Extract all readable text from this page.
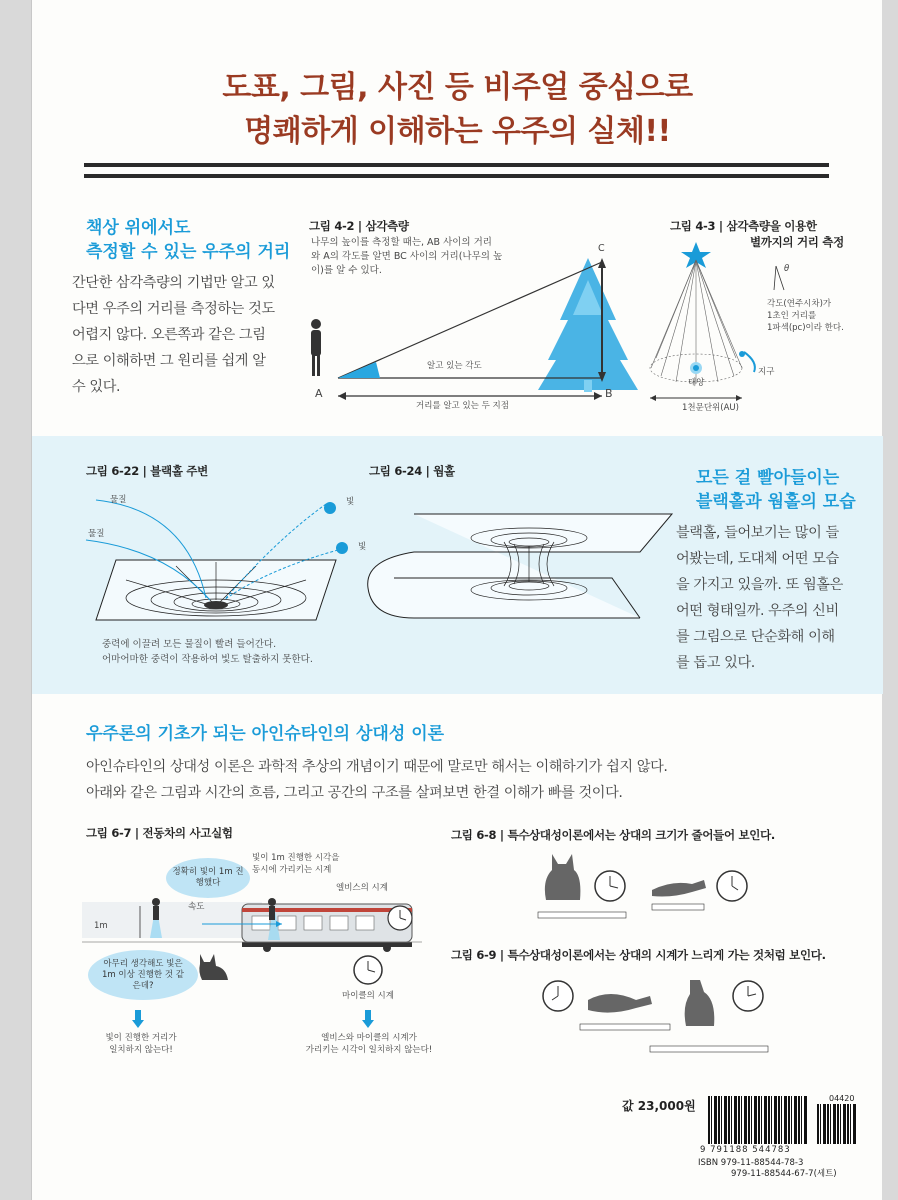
도표, 그림, 사진 등 비주얼 중심으로
명쾌하게 이해하는 우주의 실체!!
책상 위에서도
측정할 수 있는 우주의 거리
간단한 삼각측량의 기법만 알고 있
다면 우주의 거리를 측정하는 것도
어렵지 않다. 오른쪽과 같은 그림
으로 이해하면 그 원리를 쉽게 알
수 있다.
그림 4-2 | 삼각측량
나무의 높이를 측정할 때는, AB 사이의 거리
와 A의 각도를 알면 BC 사이의 거리(나무의 높
이)를 알 수 있다.
C
A	B
알고 있는 각도
거리를 알고 있는 두 지점
그림 4-3 | 삼각측량을 이용한
별까지의 거리 측정
θ
각도(연주시차)가
1초인 거리를
1파섹(pc)이라 한다.
태양
지구
1천문단위(AU)
그림 6-22 | 블랙홀 주변
물질
물질
빛
빛
중력에 이끌려 모든 물질이 빨려 들어간다.
어마어마한 중력이 작용하여 빛도 탈출하지 못한다.
그림 6-24 | 웜홀	모든 걸 빨아들이는
블랙홀과 웜홀의 모습
블랙홀, 들어보기는 많이 들
어봤는데, 도대체 어떤 모습
을 가지고 있을까. 또 웜홀은
어떤 형태일까. 우주의 신비
를 그림으로 단순화해 이해
를 돕고 있다.
우주론의 기초가 되는 아인슈타인의 상대성 이론
아인슈타인의 상대성 이론은 과학적 추상의 개념이기 때문에 말로만 해서는 이해하기가 쉽지 않다.
아래와 같은 그림과 시간의 흐름, 그리고 공간의 구조를 살펴보면 한결 이해가 빠를 것이다.
그림 6-7 | 전동차의 사고실험
정확히 빛이 1m 진행했다
빛이 1m 진행한 시각을
동시에 가리키는 시계
속도
1m
엘비스의 시계
아무리 생각해도 빛은 1m 이상 진행한 것 같은데?
마이클의 시계
빛이 진행한 거리가
일치하지 않는다!
엘비스와 마이클의 시계가
가리키는 시각이 일치하지 않는다!
그림 6-8 | 특수상대성이론에서는 상대의 크기가 줄어들어 보인다.
그림 6-9 | 특수상대성이론에서는 상대의 시계가 느리게 가는 것처럼 보인다.
값 23,000원
04420
9 791188 544783
ISBN 979-11-88544-78-3
979-11-88544-67-7(세트)
